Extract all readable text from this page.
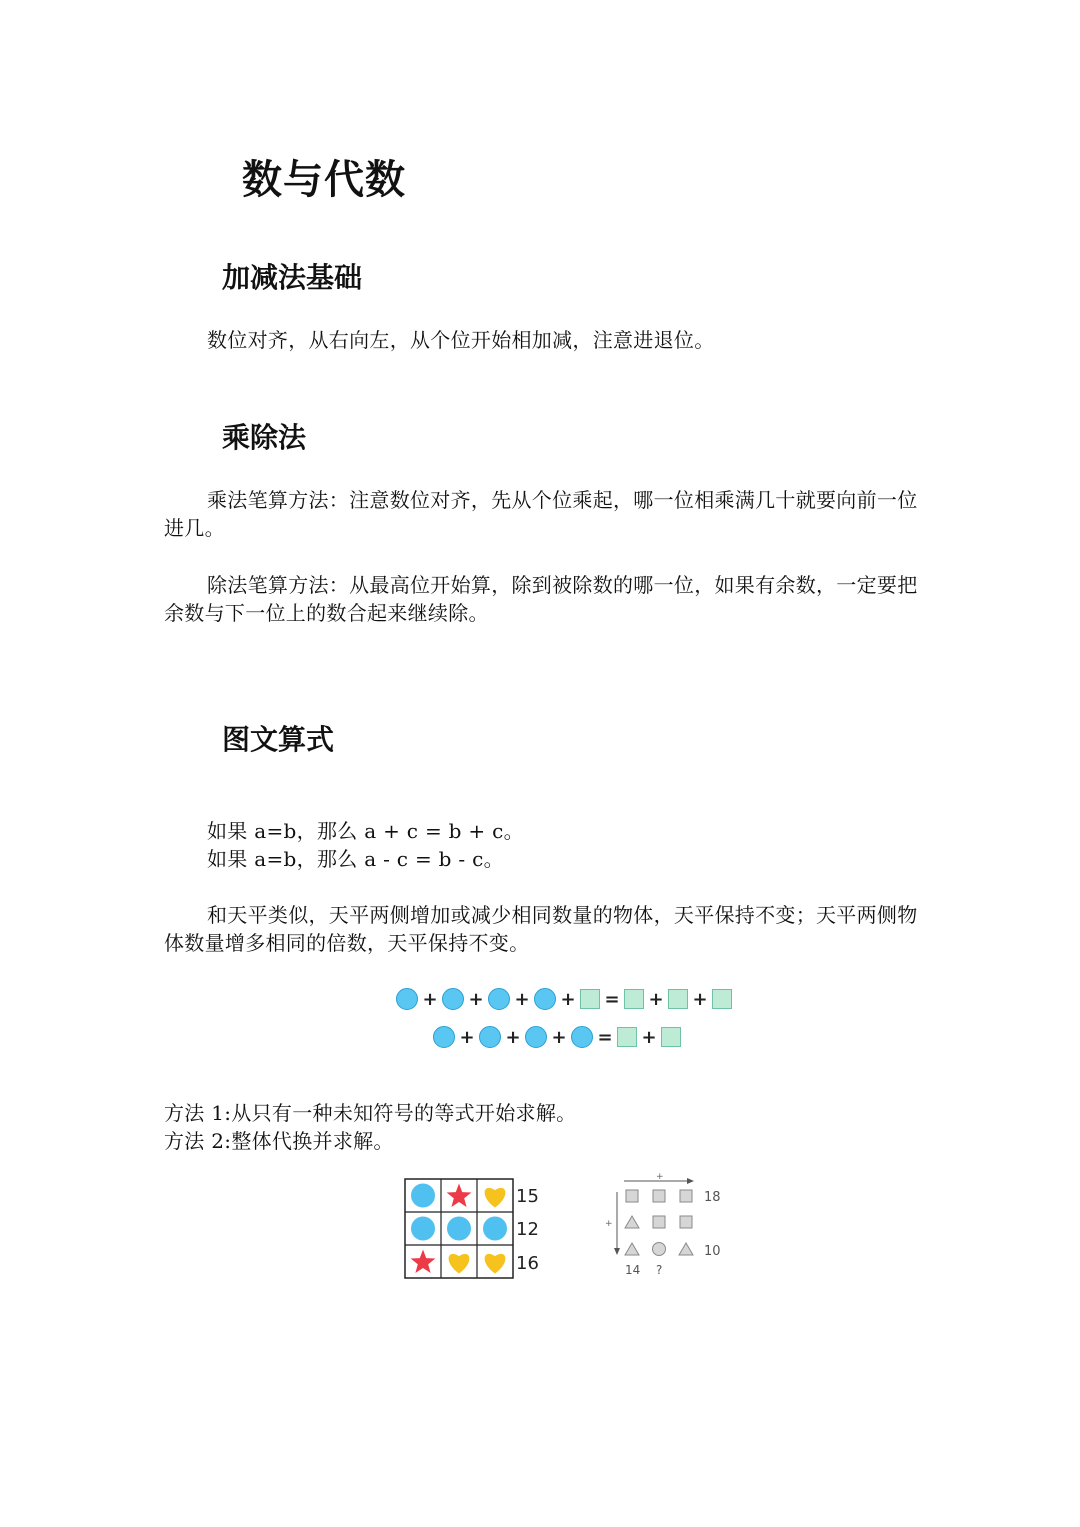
数与代数
加减法基础
数位对齐，从右向左，从个位开始相加减，注意进退位。
乘除法
乘法笔算方法：注意数位对齐，先从个位乘起，哪一位相乘满几十就要向前一位进几。
除法笔算方法：从最高位开始算，除到被除数的哪一位，如果有余数，一定要把余数与下一位上的数合起来继续除。
图文算式
如果 a=b，那么 a + c = b + c。
如果 a=b，那么 a - c = b - c。
和天平类似，天平两侧增加或减少相同数量的物体，天平保持不变；天平两侧物体数量增多相同的倍数，天平保持不变。
+ + + + = + +
+ + + = +
方法 1:从只有一种未知符号的等式开始求解。
方法 2:整体代换并求解。
15
12
16
+
+
18
10
14 ?
